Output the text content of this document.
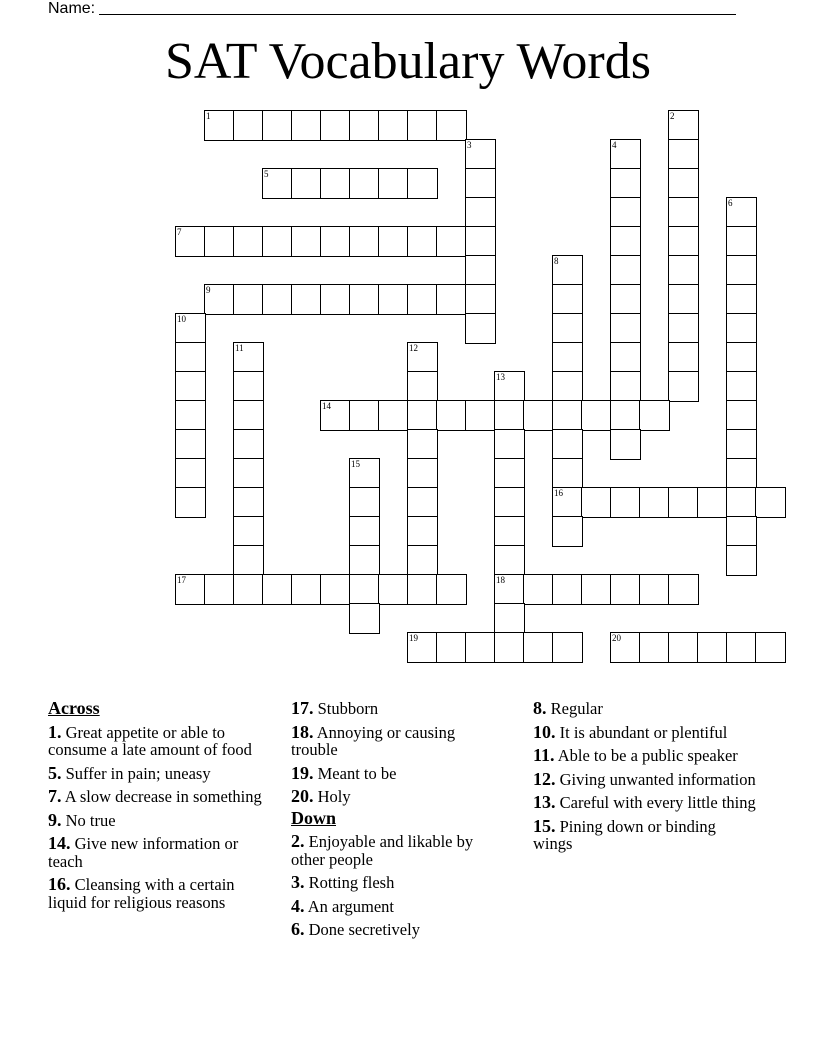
Name:
SAT Vocabulary Words
1	2
3	4
5
6
7
8
9
10
11	12
13
14
15
16
17	18
19	20
Across
1. Great appetite or able to consume a late amount of food
5. Suffer in pain; uneasy
7. A slow decrease in something
9. No true
14. Give new information or teach
16. Cleansing with a certain liquid for religious reasons
17. Stubborn
18. Annoying or causing trouble
19. Meant to be
20. Holy
Down
2. Enjoyable and likable by other people
3. Rotting flesh
4. An argument
6. Done secretively
8. Regular
10. It is abundant or plentiful
11. Able to be a public speaker
12. Giving unwanted information
13. Careful with every little thing
15. Pining down or binding wings
